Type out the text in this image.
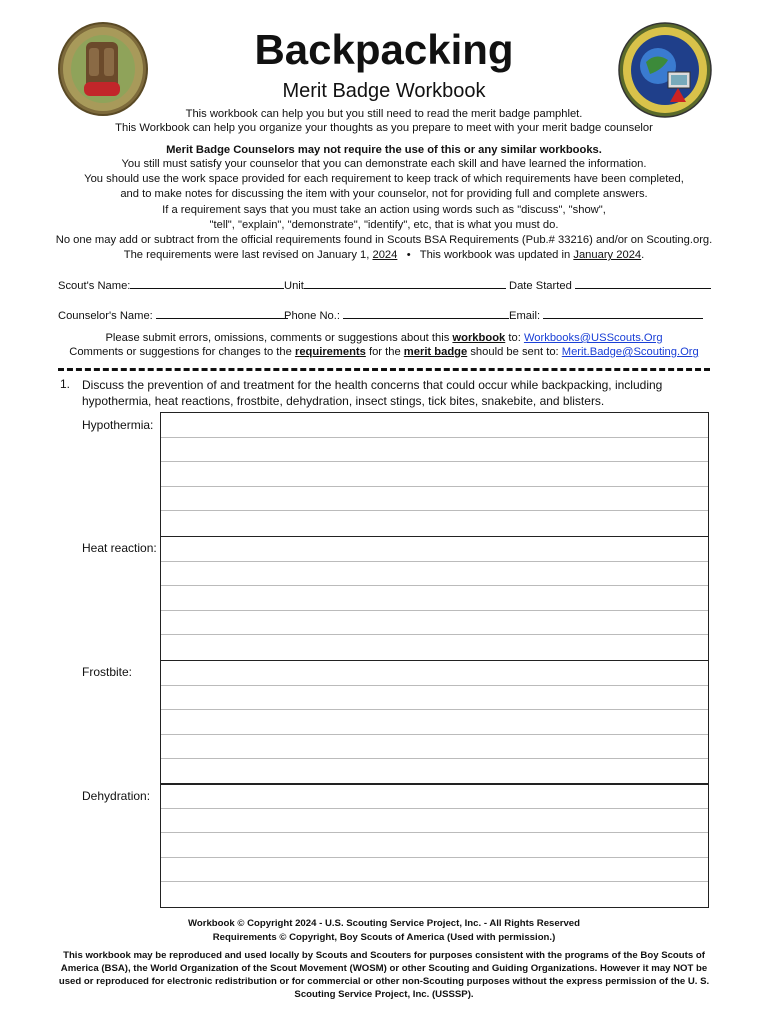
Backpacking
Merit Badge Workbook
This workbook can help you but you still need to read the merit badge pamphlet.
This Workbook can help you organize your thoughts as you prepare to meet with your merit badge counselor
Merit Badge Counselors may not require the use of this or any similar workbooks.
You still must satisfy your counselor that you can demonstrate each skill and have learned the information.
You should use the work space provided for each requirement to keep track of which requirements have been completed,
and to make notes for discussing the item with your counselor, not for providing full and complete answers.
If a requirement says that you must take an action using words such as "discuss", "show",
"tell", "explain", "demonstrate", "identify", etc, that is what you must do.
No one may add or subtract from the official requirements found in Scouts BSA Requirements (Pub.# 33216) and/or on Scouting.org.
The requirements were last revised on January 1, 2024 • This workbook was updated in January 2024.
Scout's Name:	Unit	Date Started
Counselor's Name:	Phone No.:	Email:
Please submit errors, omissions, comments or suggestions about this workbook to: Workbooks@USScouts.Org
Comments or suggestions for changes to the requirements for the merit badge should be sent to: Merit.Badge@Scouting.Org
1. Discuss the prevention of and treatment for the health concerns that could occur while backpacking, including hypothermia, heat reactions, frostbite, dehydration, insect stings, tick bites, snakebite, and blisters.
Hypothermia:
Heat reaction:
Frostbite:
Dehydration:
Workbook © Copyright 2024 - U.S. Scouting Service Project, Inc. - All Rights Reserved
Requirements © Copyright, Boy Scouts of America (Used with permission.)
This workbook may be reproduced and used locally by Scouts and Scouters for purposes consistent with the programs of the Boy Scouts of America (BSA), the World Organization of the Scout Movement (WOSM) or other Scouting and Guiding Organizations. However it may NOT be used or reproduced for electronic redistribution or for commercial or other non-Scouting purposes without the express permission of the U. S. Scouting Service Project, Inc. (USSSP).
